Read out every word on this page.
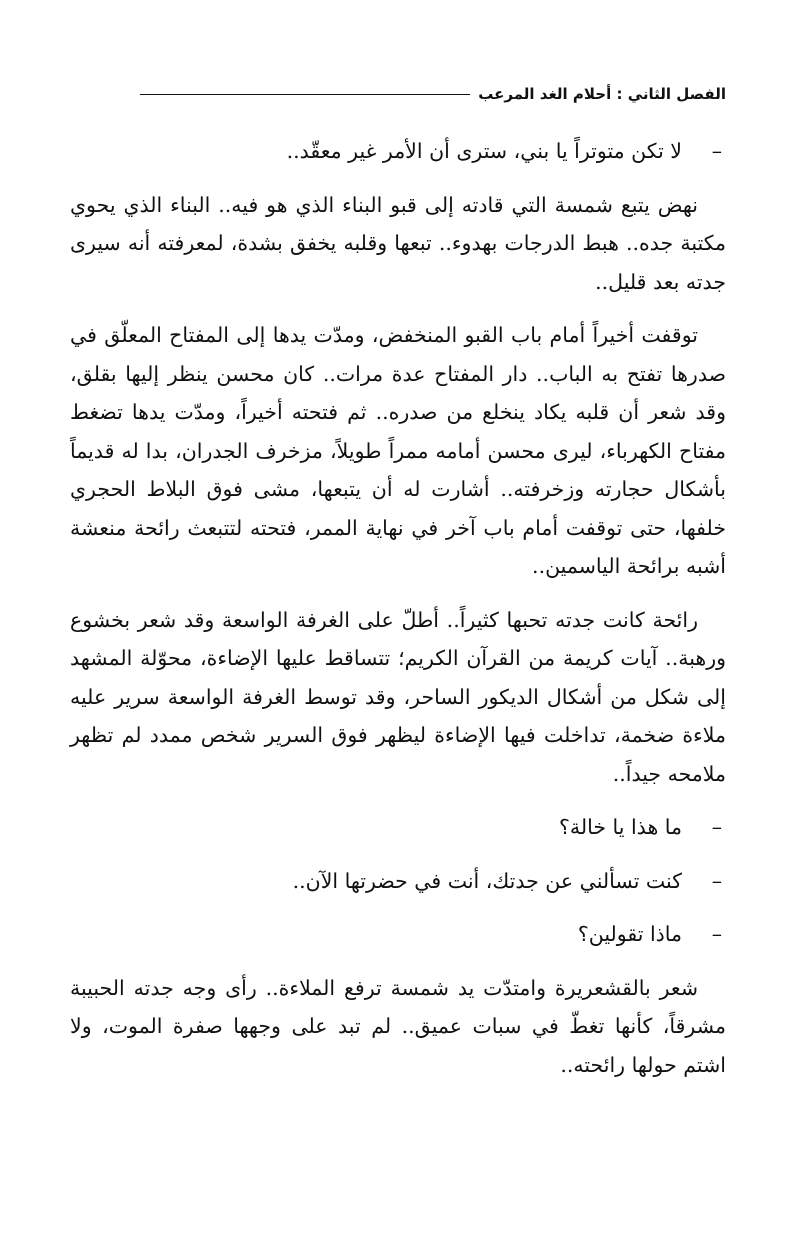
الفصل الثاني : أحلام الغد المرعب
–
لا تكن متوتراً يا بني، سترى أن الأمر غير معقّد..

نهض يتبع شمسة التي قادته إلى قبو البناء الذي هو فيه.. البناء الذي يحوي مكتبة جده.. هبط الدرجات بهدوء.. تبعها وقلبه يخفق بشدة، لمعرفته أنه سيرى جدته بعد قليل..

توقفت أخيراً أمام باب القبو المنخفض، ومدّت يدها إلى المفتاح المعلّق في صدرها تفتح به الباب.. دار المفتاح عدة مرات.. كان محسن ينظر إليها بقلق، وقد شعر أن قلبه يكاد ينخلع من صدره.. ثم فتحته أخيراً، ومدّت يدها تضغط مفتاح الكهرباء، ليرى محسن أمامه ممراً طويلاً، مزخرف الجدران، بدا له قديماً بأشكال حجارته وزخرفته.. أشارت له أن يتبعها، مشى فوق البلاط الحجري خلفها، حتى توقفت أمام باب آخر في نهاية الممر، فتحته لتتبعث رائحة منعشة أشبه برائحة الياسمين..

رائحة كانت جدته تحبها كثيراً.. أطلّ على الغرفة الواسعة وقد شعر بخشوع ورهبة.. آيات كريمة من القرآن الكريم؛ تتساقط عليها الإضاءة، محوّلة المشهد إلى شكل من أشكال الديكور الساحر، وقد توسط الغرفة الواسعة سرير عليه ملاءة ضخمة، تداخلت فيها الإضاءة ليظهر فوق السرير شخص ممدد لم تظهر ملامحه جيداً..

–
ما هذا يا خالة؟
–
كنت تسألني عن جدتك، أنت في حضرتها الآن..
–
ماذا تقولين؟

شعر بالقشعريرة وامتدّت يد شمسة ترفع الملاءة.. رأى وجه جدته الحبيبة مشرقاً، كأنها تغطّ في سبات عميق.. لم تبد على وجهها صفرة الموت، ولا اشتم حولها رائحته..
